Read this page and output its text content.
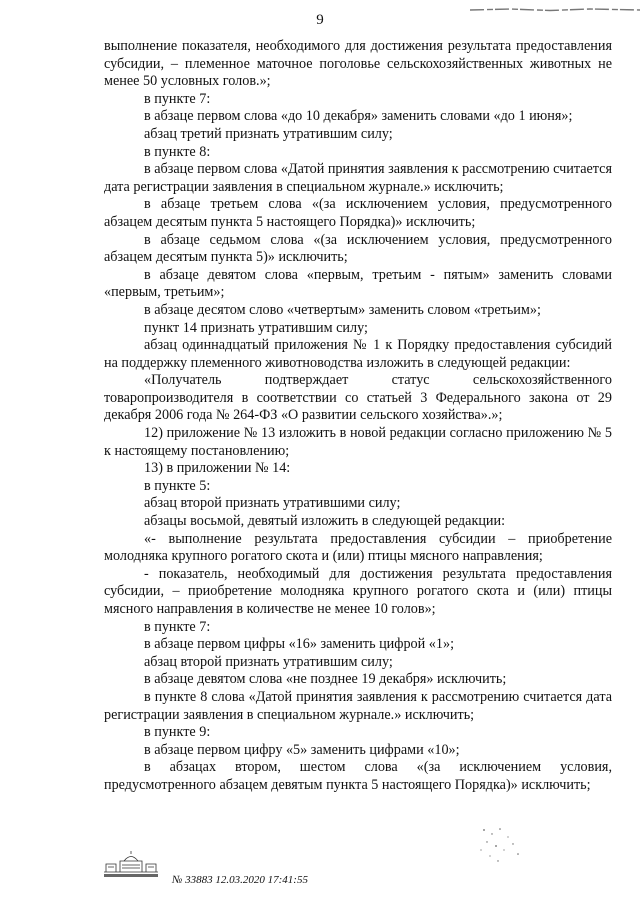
9

выполнение показателя, необходимого для достижения результата предоставления субсидии, – племенное маточное поголовье сельскохозяйственных животных не менее 50 условных голов.»;

в пункте 7:

в абзаце первом слова «до 10 декабря» заменить словами «до 1 июня»;

абзац третий признать утратившим силу;

в пункте 8:

в абзаце первом слова «Датой принятия заявления к рассмотрению считается дата регистрации заявления в специальном журнале.» исключить;

в абзаце третьем слова «(за исключением условия, предусмотренного абзацем десятым пункта 5 настоящего Порядка)» исключить;

в абзаце седьмом слова «(за исключением условия, предусмотренного абзацем десятым пункта 5)» исключить;

в абзаце девятом слова «первым, третьим - пятым» заменить словами «первым, третьим»;

в абзаце десятом слово «четвертым» заменить словом «третьим»;

пункт 14 признать утратившим силу;

абзац одиннадцатый приложения № 1 к Порядку предоставления субсидий на поддержку племенного животноводства изложить в следующей редакции:

«Получатель подтверждает статус сельскохозяйственного товаропроизводителя в соответствии со статьей 3 Федерального закона от 29 декабря 2006 года № 264-ФЗ «О развитии сельского хозяйства».»;

12) приложение № 13 изложить в новой редакции согласно приложению № 5 к настоящему постановлению;

13) в приложении № 14:

в пункте 5:

абзац второй признать утратившими силу;

абзацы восьмой, девятый изложить в следующей редакции:

«- выполнение результата предоставления субсидии – приобретение молодняка крупного рогатого скота и (или) птицы мясного направления;

- показатель, необходимый для достижения результата предоставления субсидии, – приобретение молодняка крупного рогатого скота и (или) птицы мясного направления в количестве не менее 10 голов»;

в пункте 7:

в абзаце первом цифры «16» заменить цифрой «1»;

абзац второй признать утратившим силу;

в абзаце девятом слова «не позднее 19 декабря» исключить;

в пункте 8 слова «Датой принятия заявления к рассмотрению считается дата регистрации заявления в специальном журнале.» исключить;

в пункте 9:

в абзаце первом цифру «5» заменить цифрами «10»;

в абзацах втором, шестом слова «(за исключением условия, предусмотренного абзацем девятым пункта 5 настоящего Порядка)» исключить;

№ 33883 12.03.2020 17:41:55
